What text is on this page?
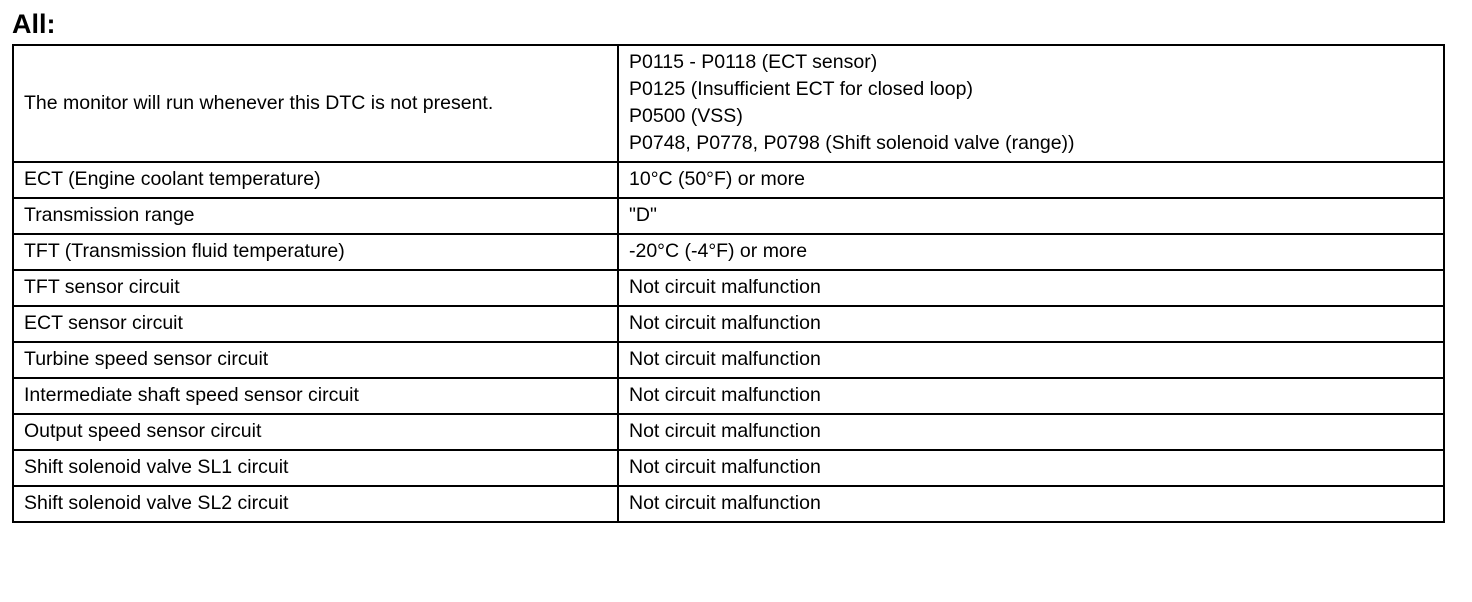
All:
The monitor will run whenever this DTC is not present.	P0115 - P0118 (ECT sensor)
P0125 (Insufficient ECT for closed loop)
P0500 (VSS)
P0748, P0778, P0798 (Shift solenoid valve (range))

ECT (Engine coolant temperature)	10°C (50°F) or more
Transmission range	"D"
TFT (Transmission fluid temperature)	-20°C (-4°F) or more
TFT sensor circuit	Not circuit malfunction
ECT sensor circuit	Not circuit malfunction
Turbine speed sensor circuit	Not circuit malfunction
Intermediate shaft speed sensor circuit	Not circuit malfunction
Output speed sensor circuit	Not circuit malfunction
Shift solenoid valve SL1 circuit	Not circuit malfunction
Shift solenoid valve SL2 circuit	Not circuit malfunction
